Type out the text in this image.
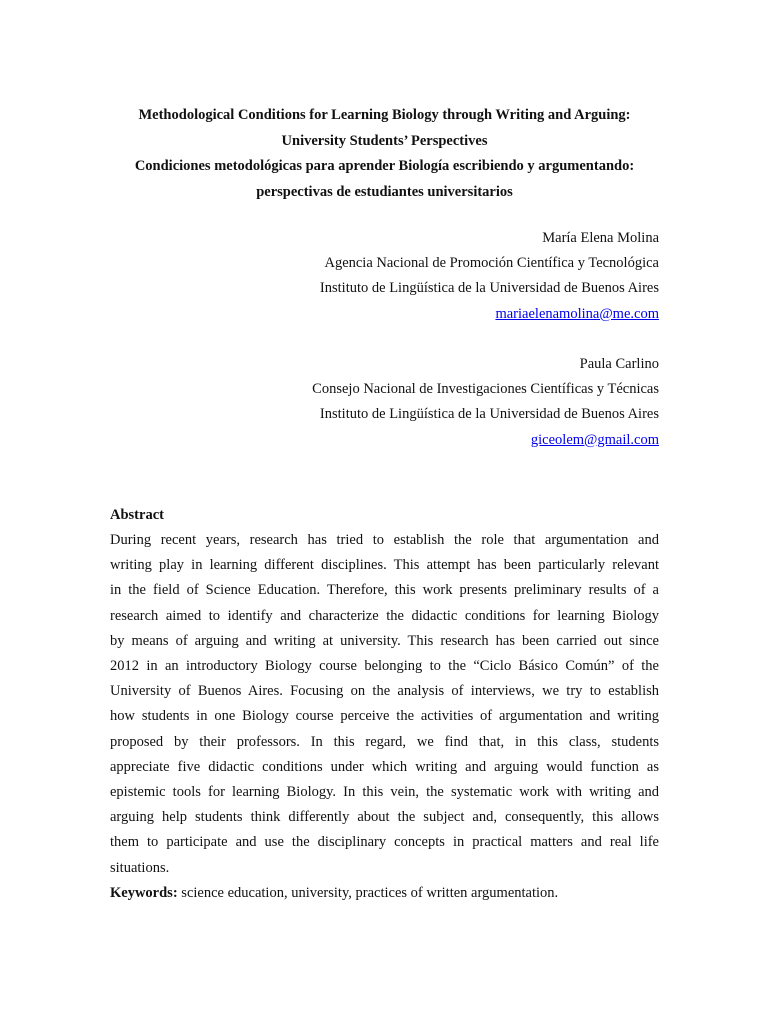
Methodological Conditions for Learning Biology through Writing and Arguing:
University Students’ Perspectives
Condiciones metodológicas para aprender Biología escribiendo y argumentando:
perspectivas de estudiantes universitarios
María Elena Molina
Agencia Nacional de Promoción Científica y Tecnológica
Instituto de Lingüística de la Universidad de Buenos Aires
mariaelenamolina@me.com
Paula Carlino
Consejo Nacional de Investigaciones Científicas y Técnicas
Instituto de Lingüística de la Universidad de Buenos Aires
giceolem@gmail.com
Abstract
During recent years, research has tried to establish the role that argumentation and
writing play in learning different disciplines. This attempt has been particularly relevant
in the field of Science Education. Therefore, this work presents preliminary results of a
research aimed to identify and characterize the didactic conditions for learning Biology
by means of arguing and writing at university. This research has been carried out since
2012 in an introductory Biology course belonging to the “Ciclo Básico Común” of the
University of Buenos Aires. Focusing on the analysis of interviews, we try to establish
how students in one Biology course perceive the activities of argumentation and writing
proposed by their professors. In this regard, we find that, in this class, students
appreciate five didactic conditions under which writing and arguing would function as
epistemic tools for learning Biology. In this vein, the systematic work with writing and
arguing help students think differently about the subject and, consequently, this allows
them to participate and use the disciplinary concepts in practical matters and real life
situations.
Keywords: science education, university, practices of written argumentation.
